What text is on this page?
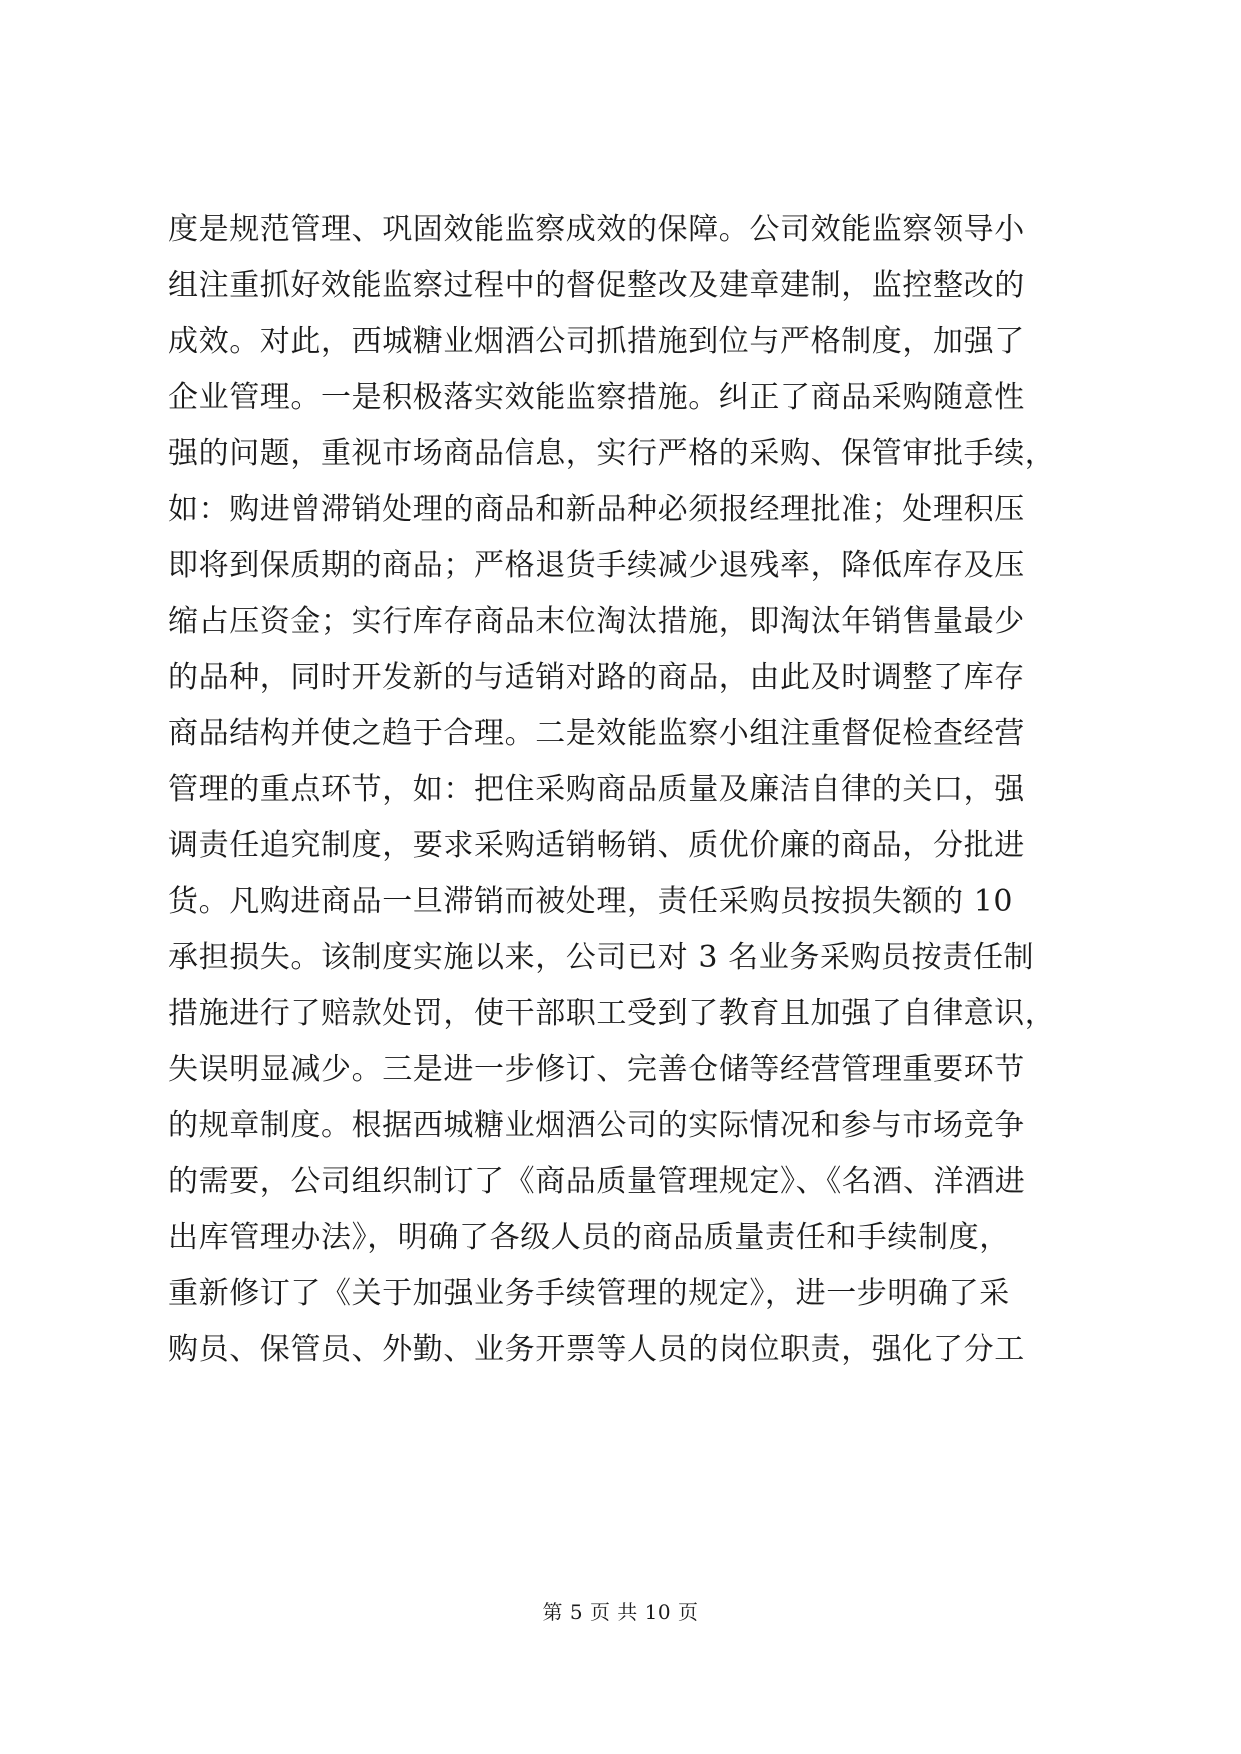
度是规范管理、巩固效能监察成效的保障。公司效能监察领导小
组注重抓好效能监察过程中的督促整改及建章建制，监控整改的
成效。对此，西城糖业烟酒公司抓措施到位与严格制度，加强了
企业管理。一是积极落实效能监察措施。纠正了商品采购随意性
强的问题，重视市场商品信息，实行严格的采购、保管审批手续，
如：购进曾滞销处理的商品和新品种必须报经理批准；处理积压
即将到保质期的商品；严格退货手续减少退残率，降低库存及压
缩占压资金；实行库存商品末位淘汰措施，即淘汰年销售量最少
的品种，同时开发新的与适销对路的商品，由此及时调整了库存
商品结构并使之趋于合理。二是效能监察小组注重督促检查经营
管理的重点环节，如：把住采购商品质量及廉洁自律的关口，强
调责任追究制度，要求采购适销畅销、质优价廉的商品，分批进
货。凡购进商品一旦滞销而被处理，责任采购员按损失额的 10
承担损失。该制度实施以来，公司已对 3 名业务采购员按责任制
措施进行了赔款处罚，使干部职工受到了教育且加强了自律意识，
失误明显减少。三是进一步修订、完善仓储等经营管理重要环节
的规章制度。根据西城糖业烟酒公司的实际情况和参与市场竞争
的需要，公司组织制订了《商品质量管理规定》、《名酒、洋酒进
出库管理办法》，明确了各级人员的商品质量责任和手续制度，
重新修订了《关于加强业务手续管理的规定》，进一步明确了采
购员、保管员、外勤、业务开票等人员的岗位职责，强化了分工
第 5 页 共 10 页
